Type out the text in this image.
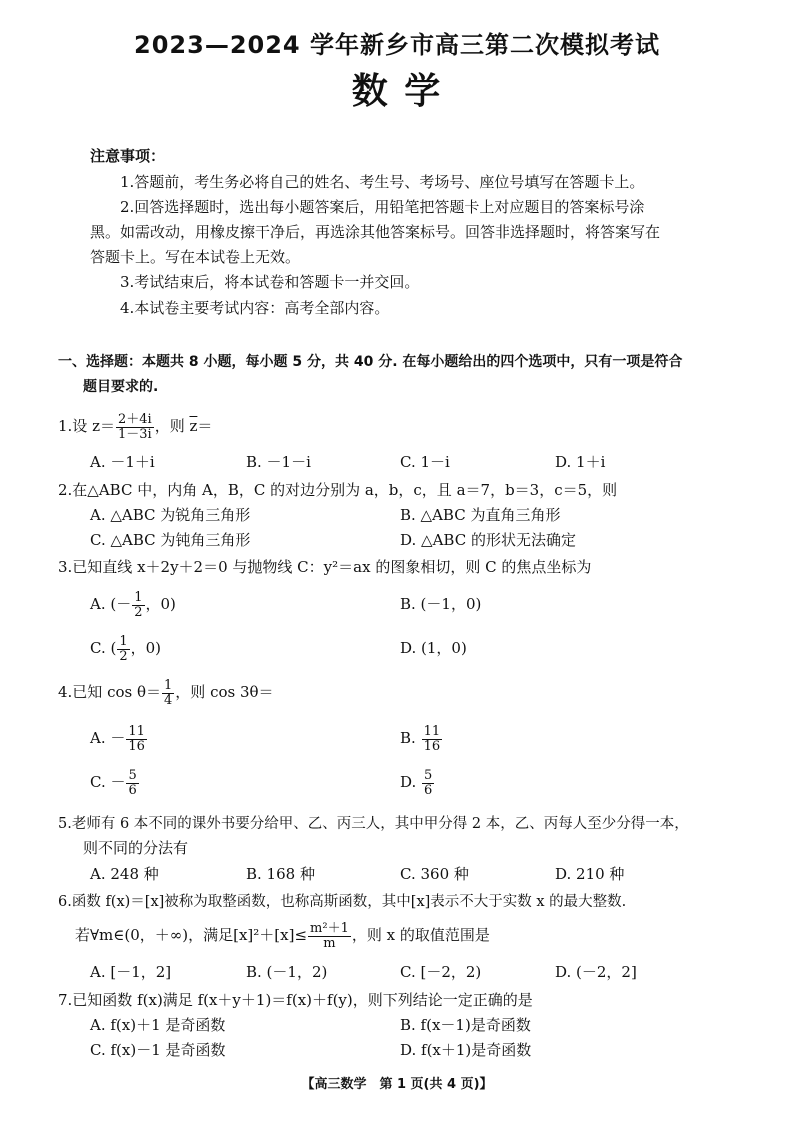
2023—2024 学年新乡市高三第二次模拟考试
数 学
注意事项：
1.答题前，考生务必将自己的姓名、考生号、考场号、座位号填写在答题卡上。
2.回答选择题时，选出每小题答案后，用铅笔把答题卡上对应题目的答案标号涂
黑。如需改动，用橡皮擦干净后，再选涂其他答案标号。回答非选择题时，将答案写在
答题卡上。写在本试卷上无效。
3.考试结束后，将本试卷和答题卡一并交回。
4.本试卷主要考试内容：高考全部内容。
一、选择题：本题共 8 小题，每小题 5 分，共 40 分. 在每小题给出的四个选项中，只有一项是符合
题目要求的.
1.设 $z= \frac{2+4i}{1-3i}$ ，则 $\overline{z}=$
A. －1＋i	B. －1－i	C. 1－i	D. 1＋i
2.在△ABC 中，内角 A，B，C 的对边分别为 a，b，c，且 a＝7，b＝3，c＝5，则
A. △ABC 为锐角三角形	B. △ABC 为直角三角形
C. △ABC 为钝角三角形	D. △ABC 的形状无法确定
3.已知直线 x＋2y＋2＝0 与抛物线 C：y²＝ax 的图象相切，则 C 的焦点坐标为
A. (－ $\frac{1}{2}$ ，0)	B. (－1，0)
C. ( $\frac{1}{2}$ ，0)	D. (1，0)
4.已知 $\cos \theta= \frac{1}{4}$ ，则 cos 3θ＝
A. － $\frac{11}{16}$	B. $\frac{11}{16}$
C. － $\frac{5}{6}$	D. $\frac{5}{6}$
5.老师有 6 本不同的课外书要分给甲、乙、丙三人，其中甲分得 2 本，乙、丙每人至少分得一本，
则不同的分法有
A. 248 种	B. 168 种	C. 360 种	D. 210 种
6.函数 f(x)＝[x]被称为取整函数，也称高斯函数，其中[x]表示不大于实数 x 的最大整数.
若∀m∈(0，＋∞)，满足$[x]^2+[x]\le \frac{\text{m²＋1}}{m}$ ，则 x 的取值范围是
A. [－1，2]	B. (－1，2)	C. [－2，2)	D. (－2，2]
7.已知函数 f(x)满足 f(x＋y＋1)＝f(x)＋f(y)，则下列结论一定正确的是
A. f(x)＋1 是奇函数	B. f(x－1)是奇函数
C. f(x)－1 是奇函数	D. f(x＋1)是奇函数
【高三数学　第 1 页(共 4 页)】
